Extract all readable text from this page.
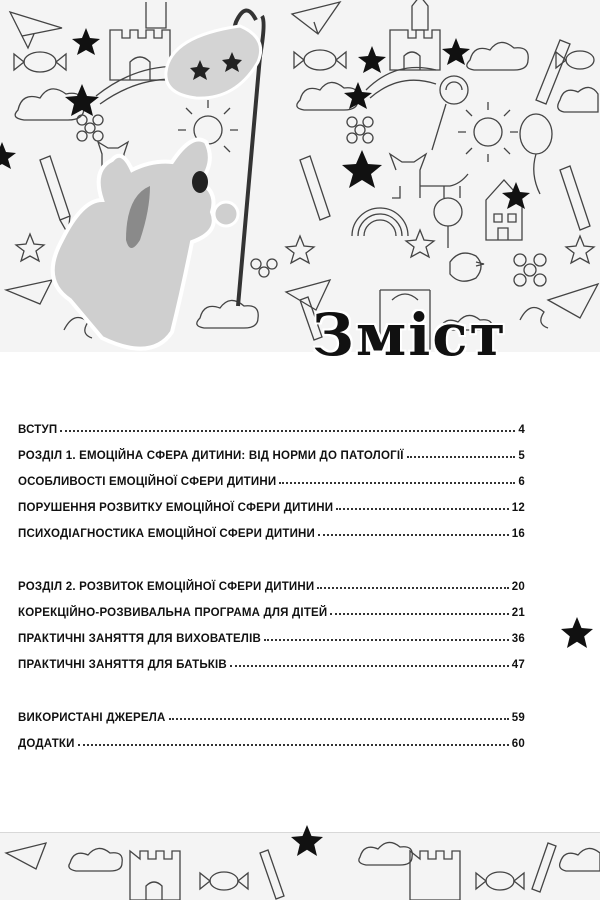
Зміст
ВСТУП	4
РОЗДІЛ 1. ЕМОЦІЙНА СФЕРА ДИТИНИ: ВІД НОРМИ ДО ПАТОЛОГІЇ	5
ОСОБЛИВОСТІ ЕМОЦІЙНОЇ СФЕРИ ДИТИНИ	6
ПОРУШЕННЯ РОЗВИТКУ ЕМОЦІЙНОЇ СФЕРИ ДИТИНИ	12
ПСИХОДІАГНОСТИКА ЕМОЦІЙНОЇ СФЕРИ ДИТИНИ	16
РОЗДІЛ 2. РОЗВИТОК ЕМОЦІЙНОЇ СФЕРИ ДИТИНИ	20
КОРЕКЦІЙНО-РОЗВИВАЛЬНА ПРОГРАМА ДЛЯ ДІТЕЙ	21
ПРАКТИЧНІ ЗАНЯТТЯ ДЛЯ ВИХОВАТЕЛІВ	36
ПРАКТИЧНІ ЗАНЯТТЯ ДЛЯ БАТЬКІВ	47
ВИКОРИСТАНІ ДЖЕРЕЛА	59
ДОДАТКИ	60
